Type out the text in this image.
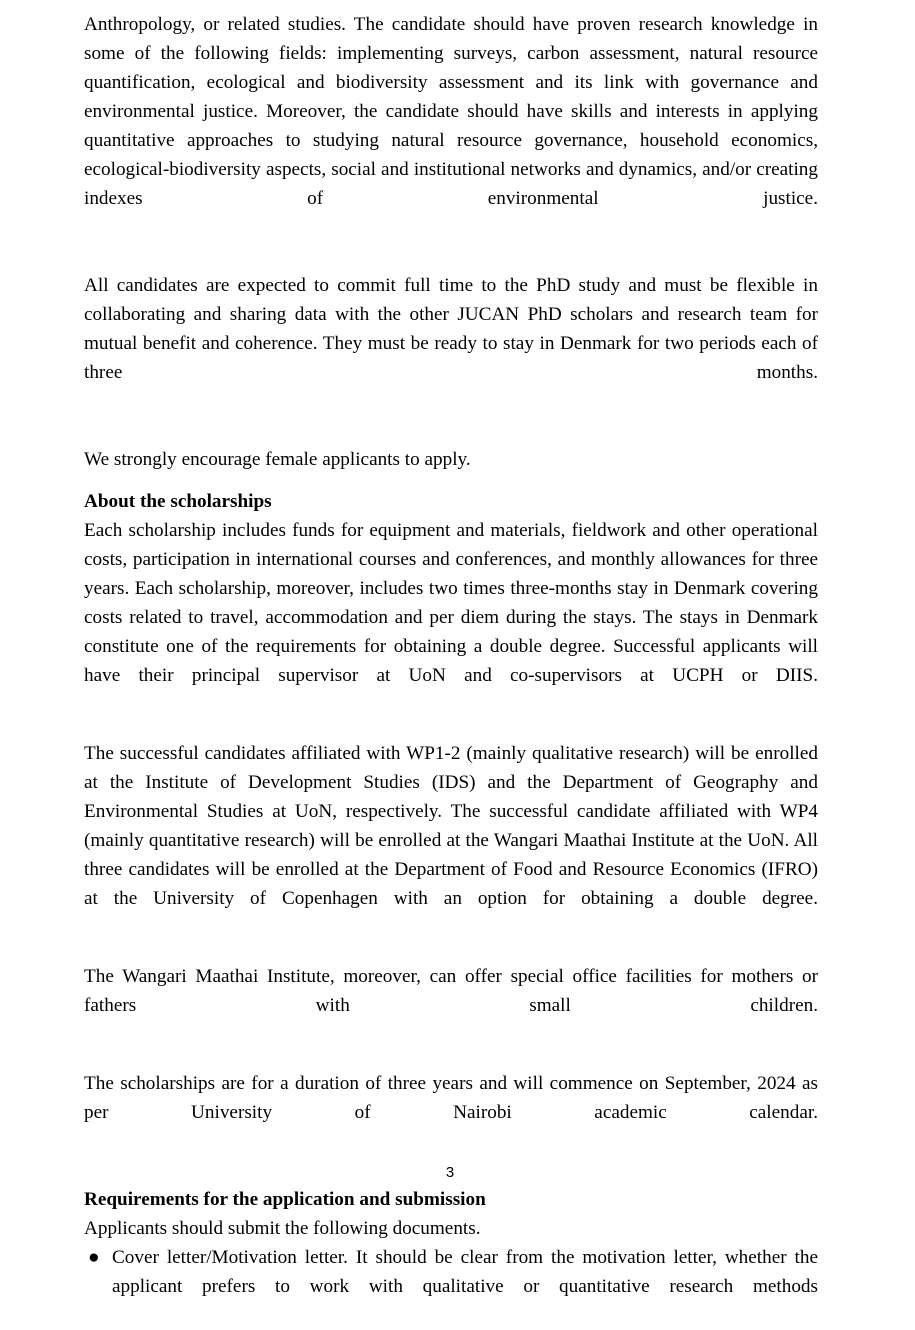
Anthropology, or related studies. The candidate should have proven research knowledge in some of the following fields: implementing surveys, carbon assessment, natural resource quantification, ecological and biodiversity assessment and its link with governance and environmental justice. Moreover, the candidate should have skills and interests in applying quantitative approaches to studying natural resource governance, household economics, ecological-biodiversity aspects, social and institutional networks and dynamics, and/or creating indexes of environmental justice.

All candidates are expected to commit full time to the PhD study and must be flexible in collaborating and sharing data with the other JUCAN PhD scholars and research team for mutual benefit and coherence. They must be ready to stay in Denmark for two periods each of three months.

We strongly encourage female applicants to apply.

About the scholarships

Each scholarship includes funds for equipment and materials, fieldwork and other operational costs, participation in international courses and conferences, and monthly allowances for three years. Each scholarship, moreover, includes two times three-months stay in Denmark covering costs related to travel, accommodation and per diem during the stays. The stays in Denmark constitute one of the requirements for obtaining a double degree. Successful applicants will have their principal supervisor at UoN and co-supervisors at UCPH or DIIS.

The successful candidates affiliated with WP1-2 (mainly qualitative research) will be enrolled at the Institute of Development Studies (IDS) and the Department of Geography and Environmental Studies at UoN, respectively. The successful candidate affiliated with WP4 (mainly quantitative research) will be enrolled at the Wangari Maathai Institute at the UoN. All three candidates will be enrolled at the Department of Food and Resource Economics (IFRO) at the University of Copenhagen with an option for obtaining a double degree.

The Wangari Maathai Institute, moreover, can offer special office facilities for mothers or fathers with small children.

The scholarships are for a duration of three years and will commence on September, 2024 as per University of Nairobi academic calendar.

Requirements for the application and submission

Applicants should submit the following documents.

● Cover letter/Motivation letter. It should be clear from the motivation letter, whether the applicant prefers to work with qualitative or quantitative research methods
3
